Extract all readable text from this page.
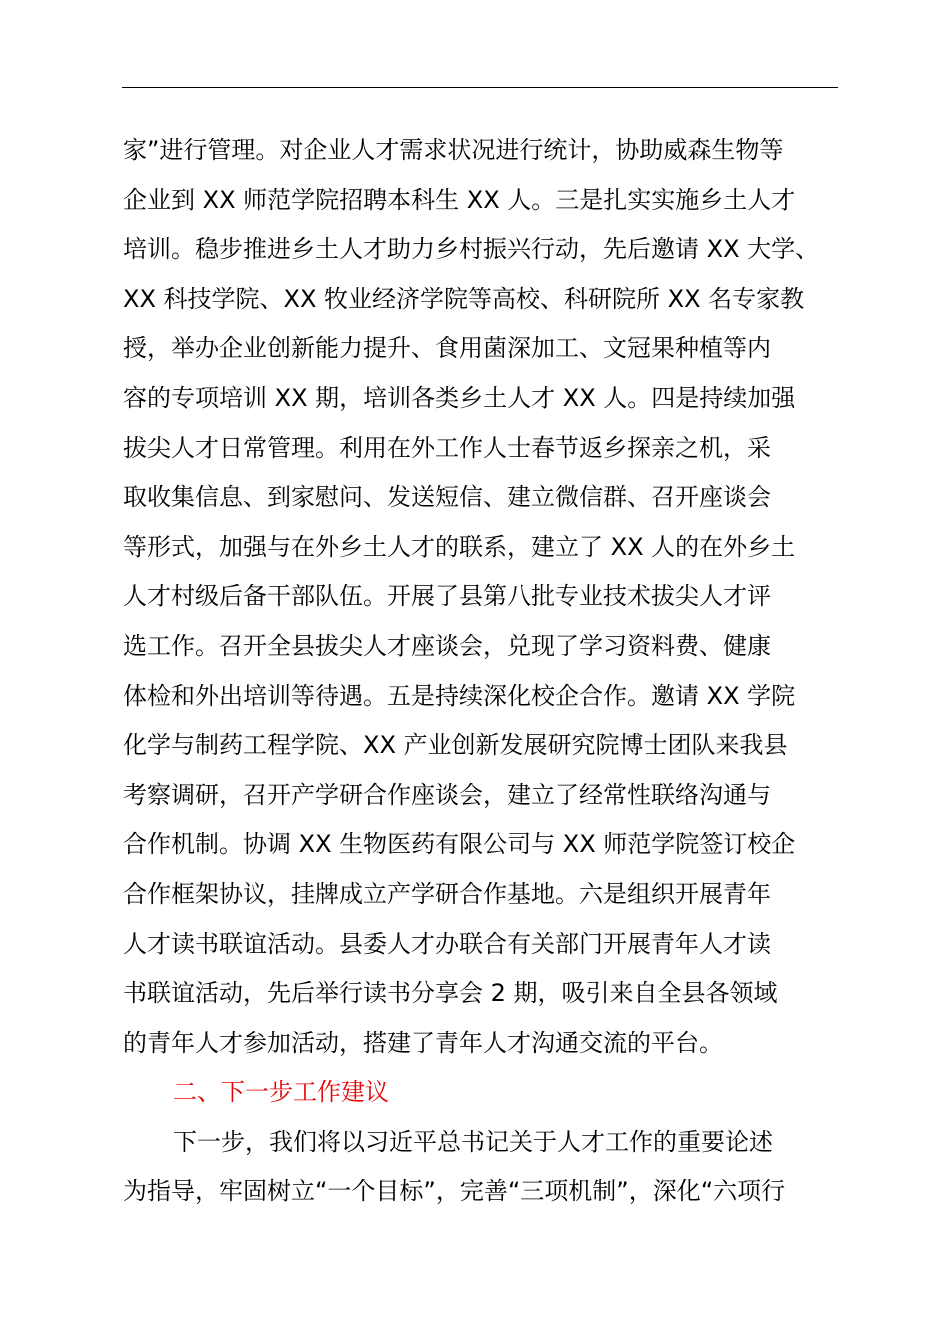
家”进行管理。对企业人才需求状况进行统计，协助威森生物等
企业到 XX 师范学院招聘本科生 XX 人。三是扎实实施乡土人才
培训。稳步推进乡土人才助力乡村振兴行动，先后邀请 XX 大学、
XX 科技学院、XX 牧业经济学院等高校、科研院所 XX 名专家教
授，举办企业创新能力提升、食用菌深加工、文冠果种植等内
容的专项培训 XX 期，培训各类乡土人才 XX 人。四是持续加强
拔尖人才日常管理。利用在外工作人士春节返乡探亲之机，采
取收集信息、到家慰问、发送短信、建立微信群、召开座谈会
等形式，加强与在外乡土人才的联系，建立了 XX 人的在外乡土
人才村级后备干部队伍。开展了县第八批专业技术拔尖人才评
选工作。召开全县拔尖人才座谈会，兑现了学习资料费、健康
体检和外出培训等待遇。五是持续深化校企合作。邀请 XX 学院
化学与制药工程学院、XX 产业创新发展研究院博士团队来我县
考察调研，召开产学研合作座谈会，建立了经常性联络沟通与
合作机制。协调 XX 生物医药有限公司与 XX 师范学院签订校企
合作框架协议，挂牌成立产学研合作基地。六是组织开展青年
人才读书联谊活动。县委人才办联合有关部门开展青年人才读
书联谊活动，先后举行读书分享会 2 期，吸引来自全县各领域
的青年人才参加活动，搭建了青年人才沟通交流的平台。
二、下一步工作建议
下一步，我们将以习近平总书记关于人才工作的重要论述
为指导，牢固树立“一个目标”，完善“三项机制”，深化“六项行
